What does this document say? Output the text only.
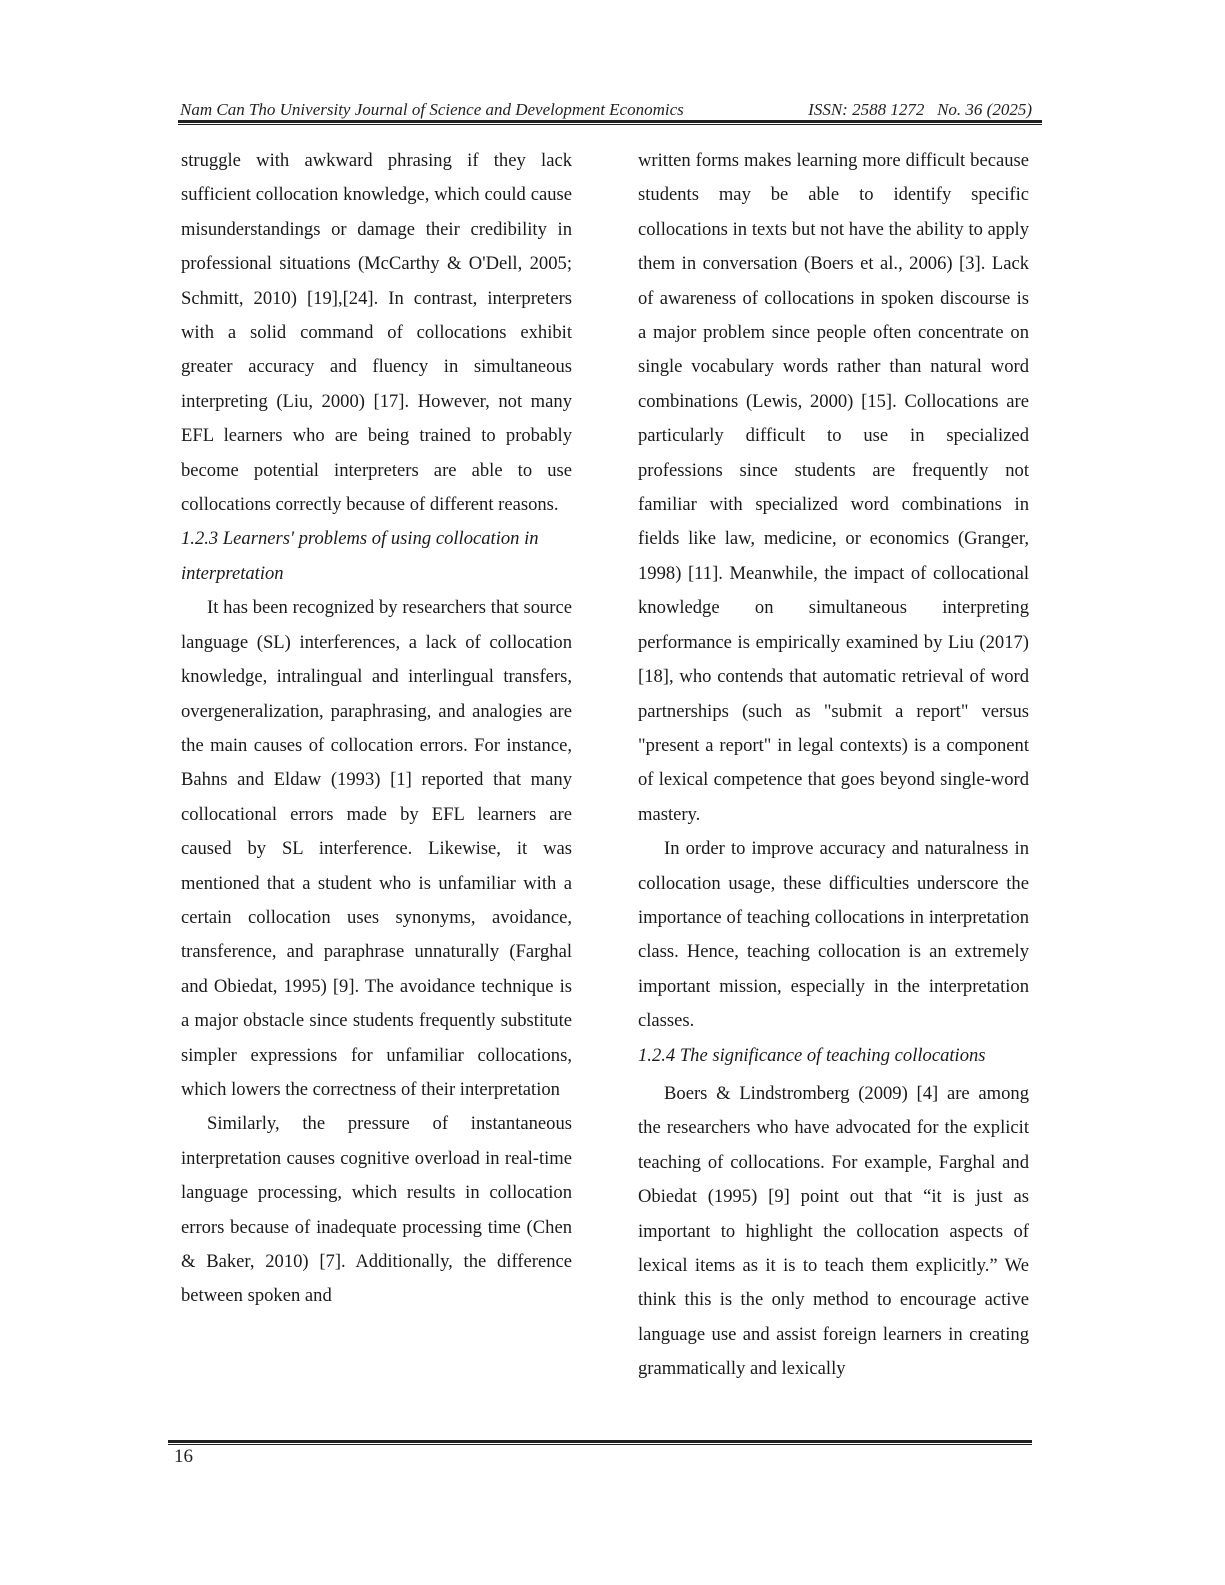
Nam Can Tho University Journal of Science and Development Economics	ISSN: 2588 1272 No. 36 (2025)

struggle with awkward phrasing if they lack sufficient collocation knowledge, which could cause misunderstandings or damage their credibility in professional situations (McCarthy & O'Dell, 2005; Schmitt, 2010) [19],[24]. In contrast, interpreters with a solid command of collocations exhibit greater accuracy and fluency in simultaneous interpreting (Liu, 2000) [17]. However, not many EFL learners who are being trained to probably become potential interpreters are able to use collocations correctly because of different reasons.

1.2.3 Learners' problems of using collocation in interpretation

It has been recognized by researchers that source language (SL) interferences, a lack of collocation knowledge, intralingual and interlingual transfers, overgeneralization, paraphrasing, and analogies are the main causes of collocation errors. For instance, Bahns and Eldaw (1993) [1] reported that many collocational errors made by EFL learners are caused by SL interference. Likewise, it was mentioned that a student who is unfamiliar with a certain collocation uses synonyms, avoidance, transference, and paraphrase unnaturally (Farghal and Obiedat, 1995) [9]. The avoidance technique is a major obstacle since students frequently substitute simpler expressions for unfamiliar collocations, which lowers the correctness of their interpretation

Similarly, the pressure of instantaneous interpretation causes cognitive overload in real-time language processing, which results in collocation errors because of inadequate processing time (Chen & Baker, 2010) [7]. Additionally, the difference between spoken and

written forms makes learning more difficult because students may be able to identify specific collocations in texts but not have the ability to apply them in conversation (Boers et al., 2006) [3]. Lack of awareness of collocations in spoken discourse is a major problem since people often concentrate on single vocabulary words rather than natural word combinations (Lewis, 2000) [15]. Collocations are particularly difficult to use in specialized professions since students are frequently not familiar with specialized word combinations in fields like law, medicine, or economics (Granger, 1998) [11]. Meanwhile, the impact of collocational knowledge on simultaneous interpreting performance is empirically examined by Liu (2017) [18], who contends that automatic retrieval of word partnerships (such as "submit a report" versus "present a report" in legal contexts) is a component of lexical competence that goes beyond single-word mastery.

In order to improve accuracy and naturalness in collocation usage, these difficulties underscore the importance of teaching collocations in interpretation class. Hence, teaching collocation is an extremely important mission, especially in the interpretation classes.

1.2.4 The significance of teaching collocations

Boers & Lindstromberg (2009) [4] are among the researchers who have advocated for the explicit teaching of collocations. For example, Farghal and Obiedat (1995) [9] point out that “it is just as important to highlight the collocation aspects of lexical items as it is to teach them explicitly.” We think this is the only method to encourage active language use and assist foreign learners in creating grammatically and lexically

16
